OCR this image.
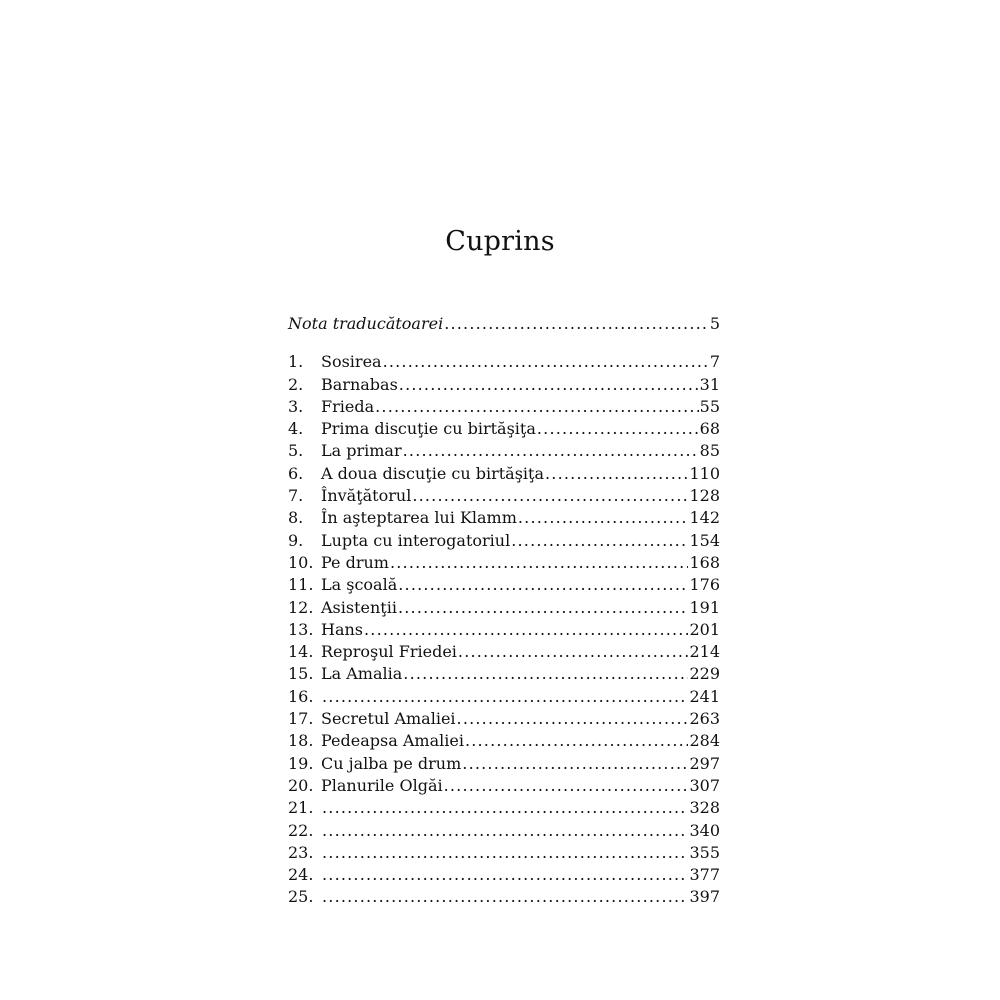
Cuprins
Nota traducătoarei .....	5
1.	Sosirea .....	7
2.	Barnabas .....	31
3.	Frieda .....	55
4.	Prima discuţie cu birtăşiţa .....	68
5.	La primar .....	85
6.	A doua discuţie cu birtăşiţa .....	110
7.	Învăţătorul .....	128
8.	În aşteptarea lui Klamm .....	142
9.	Lupta cu interogatoriul .....	154
10. Pe drum .....	168
11. La şcoală .....	176
12. Asistenţii .....	191
13. Hans .....	201
14. Reproşul Friedei .....	214
15. La Amalia .....	229
16. .....	241
17. Secretul Amaliei .....	263
18. Pedeapsa Amaliei .....	284
19. Cu jalba pe drum .....	297
20. Planurile Olgăi .....	307
21. .....	328
22. .....	340
23. .....	355
24. .....	377
25. .....	397
